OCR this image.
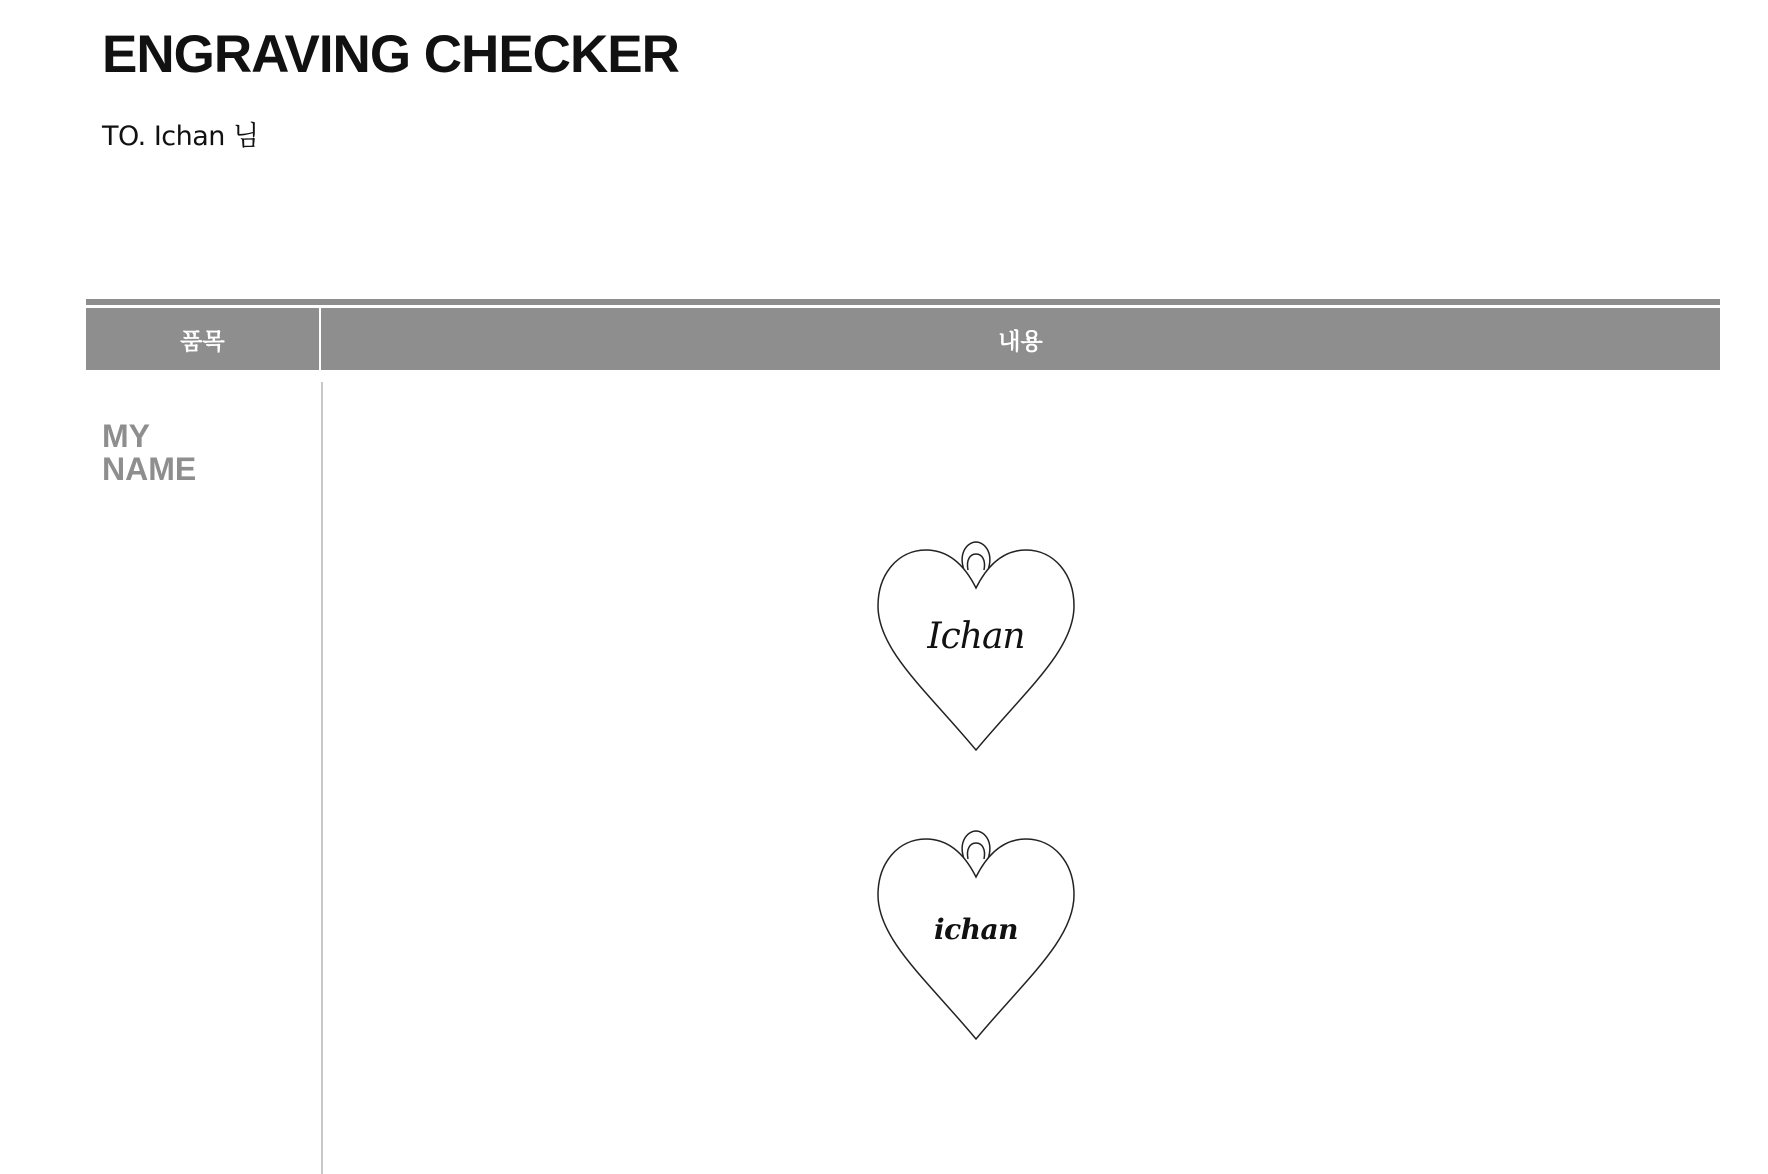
ENGRAVING CHECKER
TO. Ichan 님
품목	내용
MY
NAME
Ichan
ichan
